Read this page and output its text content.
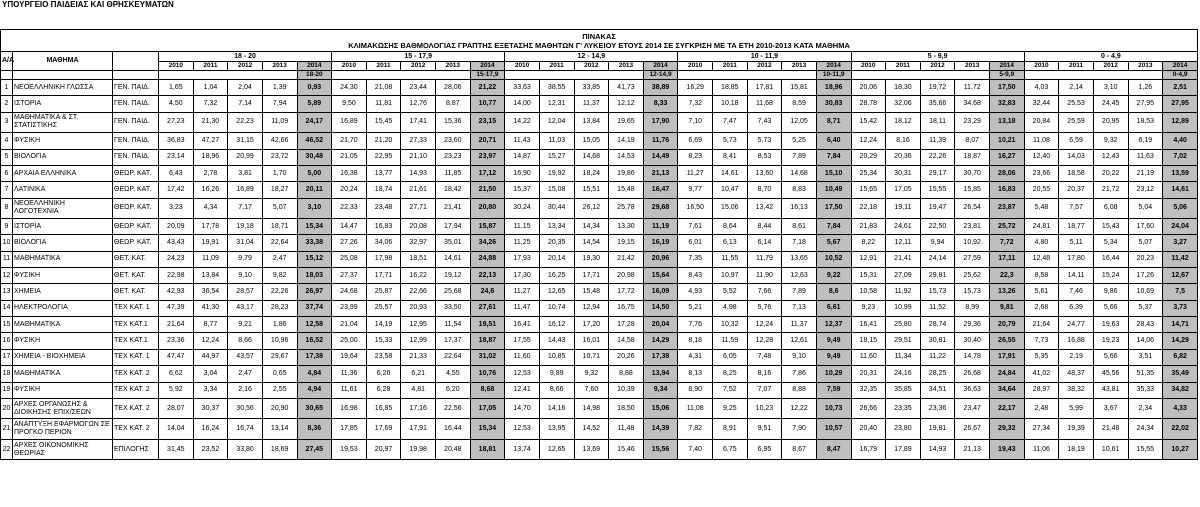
ΥΠΟΥΡΓΕΙΟ ΠΑΙΔΕΙΑΣ ΚΑΙ ΘΡΗΣΚΕΥΜΑΤΩΝ
ΠΙΝΑΚΑΣ
ΚΛΙΜΑΚΩΣΗΣ ΒΑΘΜΟΛΟΓΙΑΣ ΓΡΑΠΤΗΣ ΕΞΕΤΑΣΗΣ ΜΑΘΗΤΩΝ Γ' ΛΥΚΕΙΟΥ ΕΤΟΥΣ 2014 ΣΕ ΣΥΓΚΡΙΣΗ ΜΕ ΤΑ ΕΤΗ 2010-2013 ΚΑΤΑ ΜΑΘΗΜΑ																																

Α/Α	ΜΑΘΗΜΑ		18 - 20					15 - 17,9					12 - 14,9					10 - 11,9					5 - 9,9					0 - 4,9				
			2010	2011	2012	2013	2014	2010	2011	2012	2013	2014	2010	2011	2012	2013	2014	2010	2011	2012	2013	2014	2010	2011	2012	2013	2014	2010	2011	2012	2013	2014
							18-20					15-17,9					12-14,9					10-11,9					5-9,9					0-4,9
1	ΝΕΟΕΛΛΗΝΙΚΗ ΓΛΩΣΣΑ	ΓΕΝ. ΠΑΙΔ.	1,65	1,04	2,04	1,39	0,93	24,30	21,08	23,44	28,06	21,22	33,63	38,55	33,85	41,73	38,89	16,29	18,85	17,81	15,81	18,96	20,06	18,30	19,72	11,72	17,50	4,03	2,14	3,10	1,26	2,51
2	ΙΣΤΟΡΙΑ	ΓΕΝ. ΠΑΙΔ.	4,50	7,32	7,14	7,94	5,89	9,50	11,81	12,76	8,87	10,77	14,00	12,31	11,37	12,12	8,33	7,32	10,18	11,68	8,59	30,83	28,78	32,06	35,66	34,68	32,83	32,44	25,53	24,45	27,95	27,95
3	ΜΑΘΗΜΑΤΙΚΑ & ΣΤ. ΣΤΑΤΙΣΤΙΚΗΣ	ΓΕΝ. ΠΑΙΔ.	27,23	21,30	22,23	11,09	24,17	16,89	15,45	17,41	15,36	23,15	14,22	12,04	13,84	19,65	17,90	7,10	7,47	7,43	12,05	8,71	15,42	18,12	18,11	23,29	13,18	20,84	25,59	20,95	18,53	12,89
4	ΦΥΣΙΚΗ	ΓΕΝ. ΠΑΙΔ.	36,83	47,27	31,15	42,66	46,52	21,70	21,20	27,33	23,60	20,71	11,43	11,03	15,05	14,19	11,76	6,69	5,73	5,73	5,25	6,40	12,24	8,16	11,39	8,07	10,21	11,08	6,59	9,32	6,19	4,40
5	ΒΙΟΛΟΓΙΑ	ΓΕΝ. ΠΑΙΔ.	23,14	18,96	20,99	23,72	30,48	21,05	22,95	21,10	23,23	23,97	14,87	15,27	14,68	14,53	14,49	8,23	8,41	8,53	7,89	7,84	20,29	20,36	22,26	18,87	16,27	12,40	14,03	12,43	11,63	7,02
6	ΑΡΧΑΙΑ ΕΛΛΗΝΙΚΑ	ΘΕΩΡ. ΚΑΤ.	6,43	2,78	3,81	1,70	5,00	16,38	13,77	14,93	11,85	17,12	16,90	19,92	18,24	19,86	21,13	11,27	14,61	13,60	14,68	15,10	25,34	30,31	29,17	30,70	28,06	23,66	18,58	20,22	21,19	13,59
7	ΛΑΤΙΝΙΚΑ	ΘΕΩΡ. ΚΑΤ.	17,42	16,26	16,89	18,27	20,11	20,24	18,74	21,61	18,42	21,50	15,37	15,08	15,51	15,48	16,47	9,77	10,47	8,70	8,83	10,49	15,65	17,05	15,55	15,85	16,83	20,55	20,37	21,72	23,12	14,61
8	ΝΕΟΕΛΛΗΝΙΚΗ ΛΟΓΟΤΕΧΝΙΑ	ΘΕΩΡ. ΚΑΤ.	3,23	4,34	7,17	5,07	3,10	22,33	23,48	27,71	21,41	20,80	30,24	30,44	26,12	25,78	29,68	16,50	15,06	13,42	16,13	17,50	22,18	19,11	19,47	26,54	23,87	5,48	7,57	6,08	5,04	5,06
9	ΙΣΤΟΡΙΑ	ΘΕΩΡ. ΚΑΤ.	20,09	17,78	19,18	18,71	15,34	14,47	16,83	20,08	17,94	15,87	11,15	13,34	14,34	13,30	11,19	7,61	8,64	8,44	8,61	7,84	21,83	24,61	22,50	23,81	25,72	24,81	18,77	15,43	17,60	24,04
10	ΒΙΟΛΟΓΙΑ	ΘΕΩΡ. ΚΑΤ.	43,43	19,91	31,04	22,64	33,38	27,26	34,06	32,97	35,01	34,26	11,25	20,35	14,54	19,15	16,19	6,01	6,13	6,14	7,18	5,67	8,22	12,11	9,94	10,92	7,72	4,80	5,11	5,34	5,07	3,27
11	ΜΑΘΗΜΑΤΙΚΑ	ΘΕΤ. ΚΑΤ.	24,23	11,09	9,79	2,47	15,12	25,08	17,98	18,51	14,61	24,88	17,93	20,14	19,30	21,42	20,96	7,35	11,55	11,79	13,65	10,52	12,91	21,41	24,14	27,59	17,11	12,48	17,80	16,44	20,23	11,42
12	ΦΥΣΙΚΗ	ΘΕΤ. ΚΑΤ.	22,98	13,84	9,10	9,82	18,03	27,37	17,71	16,22	19,12	22,13	17,30	16,25	17,71	20,98	15,64	8,43	10,97	11,90	12,63	9,22	15,31	27,09	29,81	25,62	22,3	8,58	14,11	15,24	17,26	12,67
13	ΧΗΜΕΙΑ	ΘΕΤ. ΚΑΤ.	42,93	36,54	28,57	22,26	26,97	24,68	25,87	22,66	25,68	24,6	11,27	12,65	15,48	17,72	16,09	4,93	5,52	7,66	7,89	8,6	10,58	11,92	15,73	15,73	13,26	5,61	7,46	9,86	10,69	7,5
14	ΗΛΕΚΤΡΟΛΟΓΙΑ	ΤΕΧ ΚΑΤ. 1	47,39	41,30	43,17	28,23	37,74	23,99	25,57	20,93	33,50	27,61	11,47	10,74	12,94	16,75	14,50	5,21	4,98	5,76	7,13	6,61	9,23	10,99	11,52	8,99	9,81	2,68	6,39	5,66	5,37	3,73
15	ΜΑΘΗΜΑΤΙΚΑ	ΤΕΧ ΚΑΤ.1	21,64	8,77	9,21	1,86	12,58	21,04	14,19	12,95	11,54	19,51	16,41	16,12	17,20	17,28	20,04	7,76	10,32	12,24	11,37	12,37	16,41	25,80	28,74	29,36	20,79	21,64	24,77	19,63	28,43	14,71
16	ΦΥΣΙΚΗ	ΤΕΧ ΚΑΤ.1	23,36	12,24	8,66	10,96	16,52	25,00	15,33	12,99	17,37	18,87	17,55	14,43	16,01	14,58	14,29	8,18	11,59	12,28	12,61	9,49	18,15	29,51	30,81	30,40	26,55	7,73	16,88	19,23	14,06	14,29
17	ΧΗΜΕΙΑ - ΒΙΟΧΗΜΕΙΑ	ΤΕΧ ΚΑΤ. 1	47,47	44,97	43,57	29,67	17,38	19,64	23,58	21,33	22,64	31,02	11,60	10,85	10,71	20,26	17,38	4,31	6,05	7,48	9,10	9,49	11,60	11,34	11,22	14,78	17,91	5,35	2,19	5,66	3,51	6,82
18	ΜΑΘΗΜΑΤΙΚΑ	ΤΕΧ ΚΑΤ. 2	6,62	3,04	2,47	0,65	4,84	11,36	6,26	6,21	4,55	10,76	12,53	9,89	9,32	8,88	13,94	8,13	8,25	8,16	7,86	10,29	20,31	24,16	28,25	26,68	24,84	41,02	48,37	45,56	51,35	35,49
19	ΦΥΣΙΚΗ	ΤΕΧ ΚΑΤ. 2	5,92	3,34	2,16	2,55	4,94	11,61	6,28	4,81	6,20	8,68	12,41	8,66	7,60	10,39	9,34	8,90	7,52	7,07	8,88	7,59	32,35	35,85	34,51	36,63	34,64	28,97	38,32	43,81	35,33	34,82
20	ΑΡΧΕΣ ΟΡΓΑΝΩΣΗΣ & ΔΙΟΙΚΗΣΗΣ ΕΠΙΧ/ΣΕΩΝ	ΤΕΧ ΚΑΤ. 2	28,07	30,37	30,56	20,90	30,65	16,98	16,85	17,16	22,56	17,05	14,70	14,16	14,98	18,50	15,06	11,08	9,25	10,23	12,22	10,73	26,66	23,35	23,36	23,47	22,17	2,48	5,99	3,67	2,34	4,33
21	ΑΝΑΠΤΥΞΗ ΕΦΑΡΜΟΓΩΝ ΣΕ ΠΡΟΓΚΟ ΠΕΡΙΟΝ	ΤΕΧ ΚΑΤ. 2	14,04	16,24	16,74	13,14	8,36	17,85	17,69	17,91	16,44	15,34	12,53	13,95	14,52	11,48	14,39	7,82	8,91	9,51	7,90	10,57	20,40	23,80	19,81	26,67	29,32	27,34	19,39	21,48	24,34	22,02
22	ΑΡΧΕΣ ΟΙΚΟΝΟΜΙΚΗΣ ΘΕΩΡΙΑΣ	ΕΠΙΛΟΓΗΣ	31,45	23,52	33,80	18,69	27,45	19,53	20,97	19,98	20,48	18,81	13,74	12,65	13,69	15,46	15,56	7,40	6,75	6,95	8,67	8,47	16,79	17,89	14,93	21,13	19,43	11,06	18,19	10,61	15,55	10,27
